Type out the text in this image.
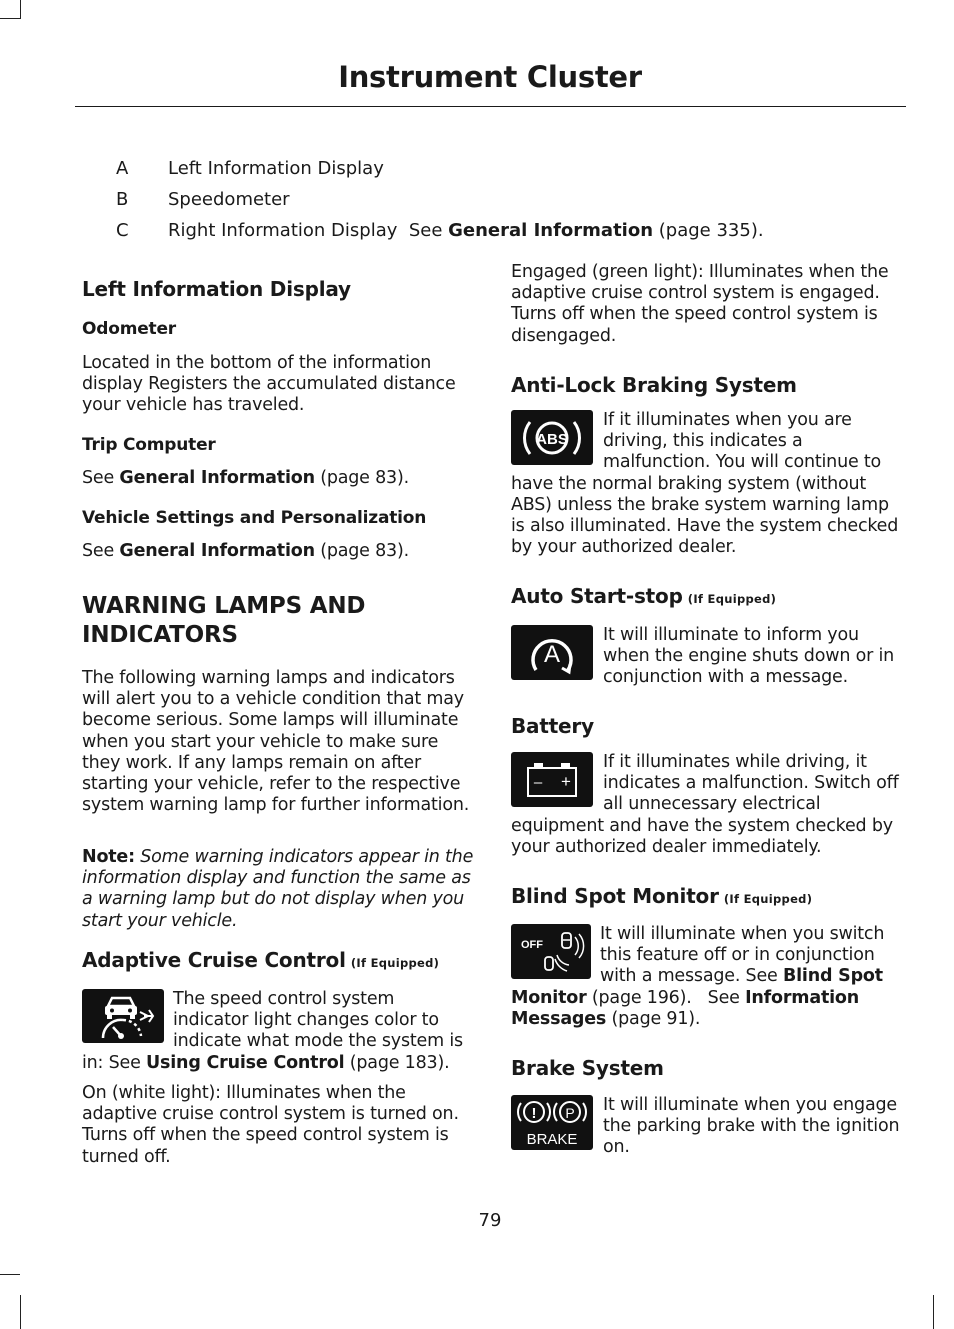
Instrument Cluster
A	Left Information Display
B	Speedometer
C	Right Information Display  See General Information (page 335).
Left Information Display
Odometer

Located in the bottom of the information display Registers the accumulated distance your vehicle has traveled.

Trip Computer

See General Information (page 83).

Vehicle Settings and Personalization

See General Information (page 83).

WARNING LAMPS AND INDICATORS

The following warning lamps and indicators will alert you to a vehicle condition that may become serious. Some lamps will illuminate when you start your vehicle to make sure they work. If any lamps remain on after starting your vehicle, refer to the respective system warning lamp for further information.

Note: Some warning indicators appear in the information display and function the same as a warning lamp but do not display when you start your vehicle.

Adaptive Cruise Control (If Equipped)

The speed control system indicator light changes color to indicate what mode the system is in: See Using Cruise Control (page 183).

On (white light): Illuminates when the adaptive cruise control system is turned on. Turns off when the speed control system is turned off.

Engaged (green light): Illuminates when the adaptive cruise control system is engaged. Turns off when the speed control system is disengaged.

Anti-Lock Braking System
ABS

If it illuminates when you are driving, this indicates a malfunction. You will continue to have the normal braking system (without ABS) unless the brake system warning lamp is also illuminated. Have the system checked by your authorized dealer.

Auto Start-stop (If Equipped)
A

It will illuminate to inform you when the engine shuts down or in conjunction with a message.

Battery
– +

If it illuminates while driving, it indicates a malfunction. Switch off all unnecessary electrical equipment and have the system checked by your authorized dealer immediately.

Blind Spot Monitor (If Equipped)
OFF

It will illuminate when you switch this feature off or in conjunction with a message. See Blind Spot Monitor (page 196).   See Information Messages (page 91).

Brake System
! P
BRAKE

It will illuminate when you engage the parking brake with the ignition on.

79
